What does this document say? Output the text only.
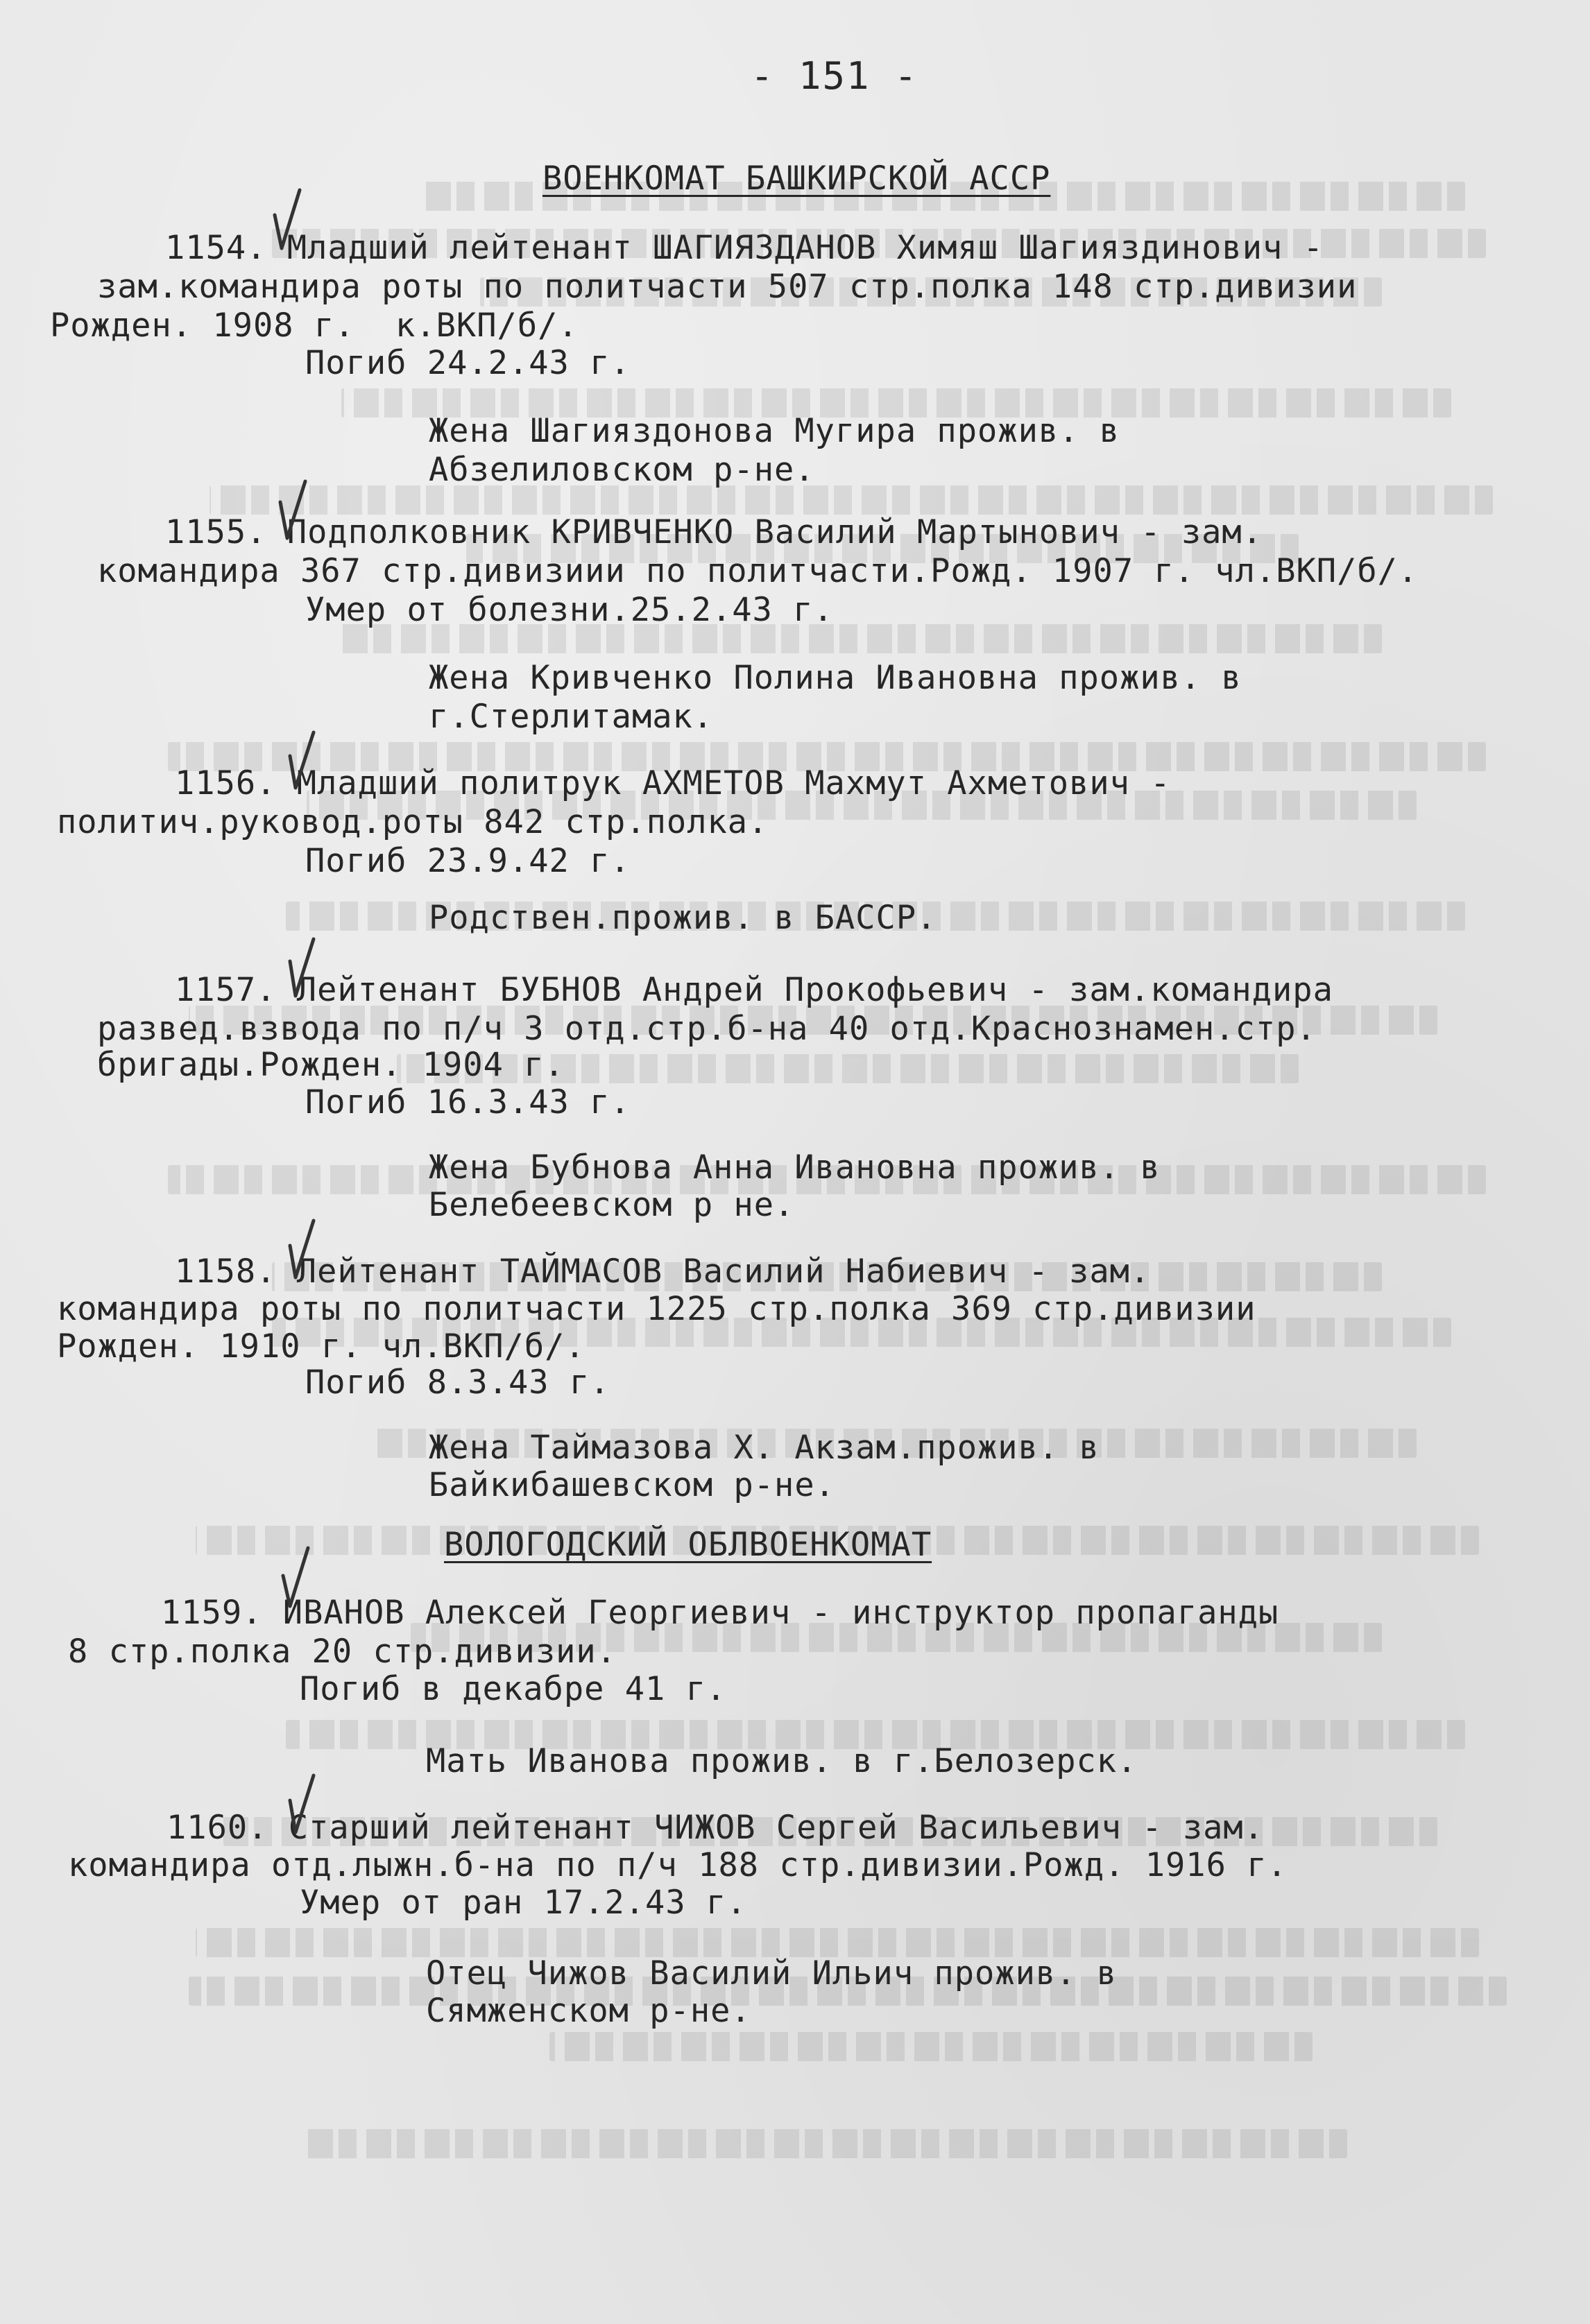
- 151 -
ВОЕНКОМАТ БАШКИРСКОЙ АССР
1154. Младший лейтенант ШАГИЯЗДАНОВ Химяш Шагияздинович -
зам.командира роты по политчасти 507 стр.полка 148 стр.дивизии
Рожден. 1908 г.  к.ВКП/б/.
Погиб 24.2.43 г.
Жена Шагияздонова Мугира прожив. в
Абзелиловском р-не.
1155. Подполковник КРИВЧЕНКО Василий Мартынович - зам.
командира 367 стр.дивизиии по политчасти.Рожд. 1907 г. чл.ВКП/б/.
Умер от болезни.25.2.43 г.
Жена Кривченко Полина Ивановна прожив. в
г.Стерлитамак.
1156. Младший политрук АХМЕТОВ Махмут Ахметович -
политич.руковод.роты 842 стр.полка.
Погиб 23.9.42 г.
Родствен.прожив. в БАССР.
1157. Лейтенант БУБНОВ Андрей Прокофьевич - зам.командира
развед.взвода по п/ч 3 отд.стр.б-на 40 отд.Краснознамен.стр.
бригады.Рожден. 1904 г.
Погиб 16.3.43 г.
Жена Бубнова Анна Ивановна прожив. в
Белебеевском р не.
1158. Лейтенант ТАЙМАСОВ Василий Набиевич - зам.
командира роты по политчасти 1225 стр.полка 369 стр.дивизии
Рожден. 1910 г. чл.ВКП/б/.
Погиб 8.3.43 г.
Жена Таймазова Х. Акзам.прожив. в
Байкибашевском р-не.
ВОЛОГОДСКИЙ ОБЛВОЕНКОМАТ
1159. ИВАНОВ Алексей Георгиевич - инструктор пропаганды
8 стр.полка 20 стр.дивизии.
Погиб в декабре 41 г.
Мать Иванова прожив. в г.Белозерск.
1160. Старший лейтенант ЧИЖОВ Сергей Васильевич - зам.
командира отд.лыжн.б-на по п/ч 188 стр.дивизии.Рожд. 1916 г.
Умер от ран 17.2.43 г.
Отец Чижов Василий Ильич прожив. в
Сямженском р-не.
